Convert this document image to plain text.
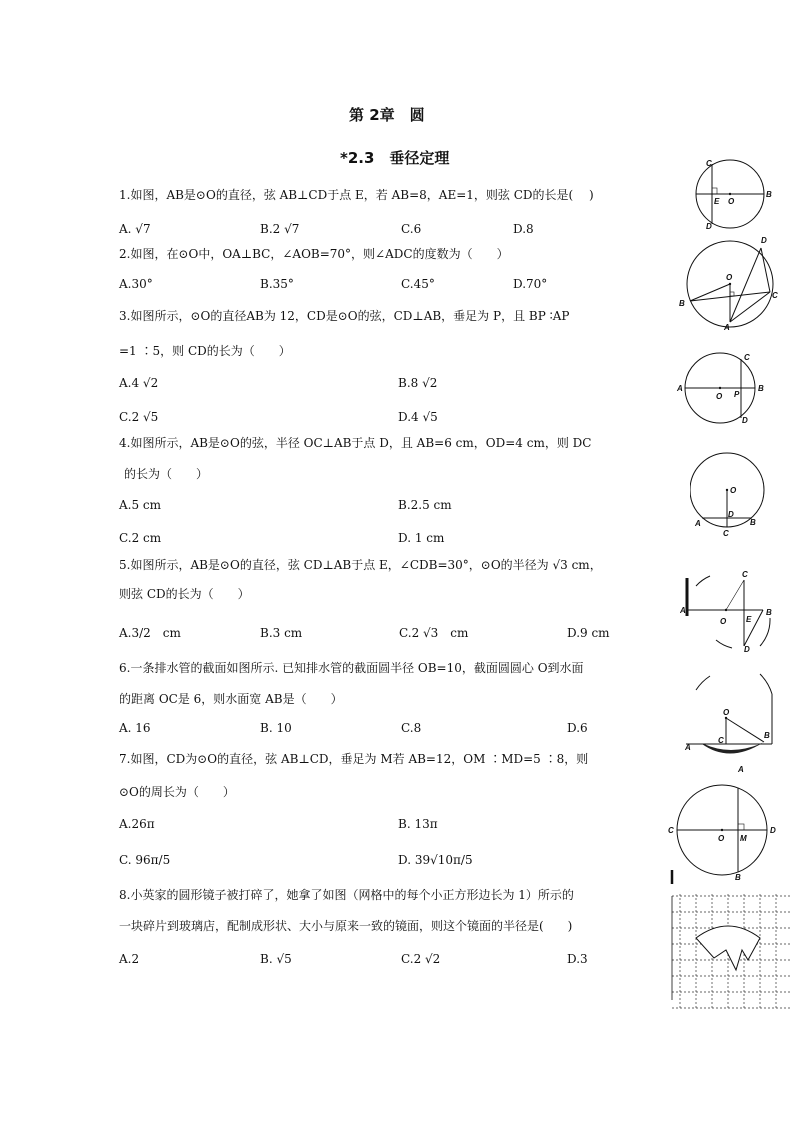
第 2章　圆
*2.3　垂径定理
1.如图，AB是⊙O的直径，弦 AB⊥CD于点 E，若 AB=8，AE=1，则弦 CD的长是(　 )
A. √7	B.2 √7	C.6	D.8
2.如图，在⊙O中，OA⊥BC，∠AOB=70°，则∠ADC的度数为（　　）
A.30°	B.35°	C.45°	D.70°
3.如图所示，⊙O的直径AB为 12，CD是⊙O的弦，CD⊥AB，垂足为 P，且 BP ∶AP
=1 ∶5，则 CD的长为（　　）
A.4 √2	B.8 √2
C.2 √5	D.4 √5
4.如图所示，AB是⊙O的弦，半径 OC⊥AB于点 D，且 AB=6 cm，OD=4 cm，则 DC
的长为（　　）
A.5 cm	B.2.5 cm
C.2 cm	D. 1 cm
5.如图所示，AB是⊙O的直径，弦 CD⊥AB于点 E，∠CDB=30°，⊙O的半径为 √3 cm，
则弦 CD的长为（　　）
A.3/2　cm	B.3 cm	C.2 √3　cm	D.9 cm
6.一条排水管的截面如图所示. 已知排水管的截面圆半径 OB=10，截面圆圆心 O到水面
的距离 OC是 6，则水面宽 AB是（　　）
A. 16	B. 10	C.8	D.6
7.如图，CD为⊙O的直径，弦 AB⊥CD，垂足为 M若 AB=12，OM ∶MD=5 ∶8，则
⊙O的周长为（　　）
A.26π	B. 13π
C. 96π/5	D. 39√10π/5
8.小英家的圆形镜子被打碎了，她拿了如图（网格中的每个小正方形边长为 1）所示的
一块碎片到玻璃店，配制成形状、大小与原来一致的镜面，则这个镜面的半径是(　　)
A.2	B. √5	C.2 √2	D.3
C
D
E O
B
D
O
B
C
A
A	B
C
D
O P
O
D
A	B
C
C
A	B
E
O
D
O
A
C
B
A
C	D
O M
B
